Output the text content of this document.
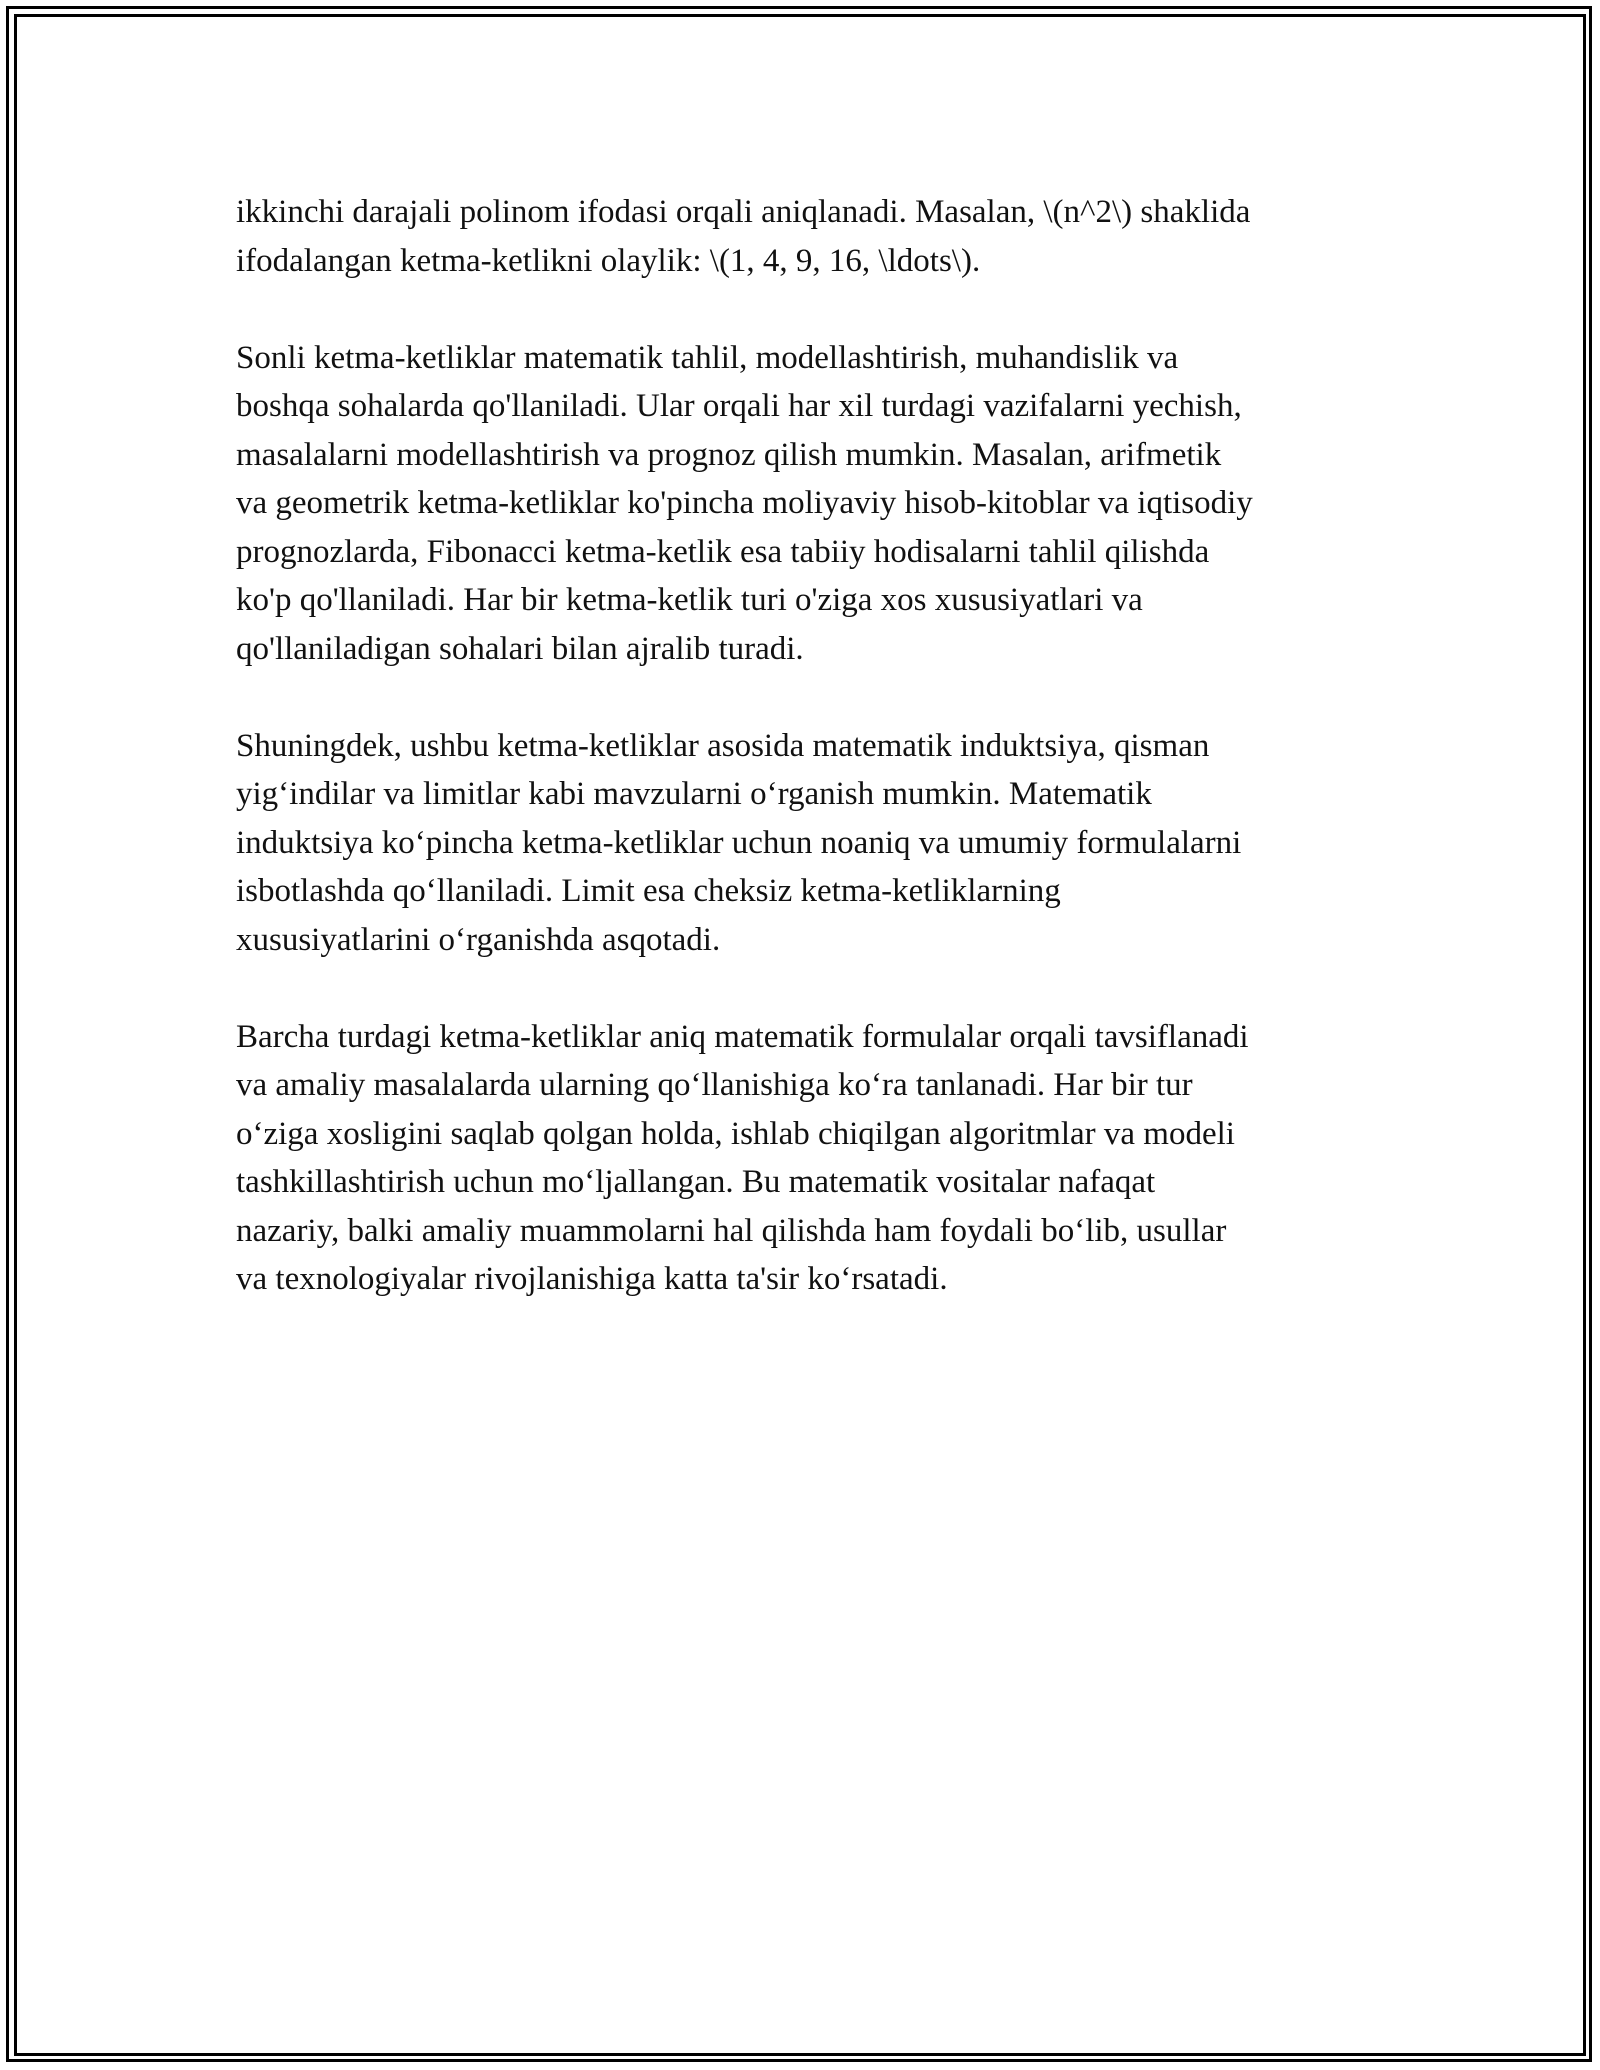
ikkinchi darajali polinom ifodasi orqali aniqlanadi. Masalan, \(n^2\) shaklida
ifodalangan ketma-ketlikni olaylik: \(1, 4, 9, 16, \ldots\).

Sonli ketma-ketliklar matematik tahlil, modellashtirish, muhandislik va
boshqa sohalarda qo'llaniladi. Ular orqali har xil turdagi vazifalarni yechish,
masalalarni modellashtirish va prognoz qilish mumkin. Masalan, arifmetik
va geometrik ketma-ketliklar ko'pincha moliyaviy hisob-kitoblar va iqtisodiy
prognozlarda, Fibonacci ketma-ketlik esa tabiiy hodisalarni tahlil qilishda
ko'p qo'llaniladi. Har bir ketma-ketlik turi o'ziga xos xususiyatlari va
qo'llaniladigan sohalari bilan ajralib turadi.

Shuningdek, ushbu ketma-ketliklar asosida matematik induktsiya, qisman
yig‘indilar va limitlar kabi mavzularni o‘rganish mumkin. Matematik
induktsiya ko‘pincha ketma-ketliklar uchun noaniq va umumiy formulalarni
isbotlashda qo‘llaniladi. Limit esa cheksiz ketma-ketliklarning
xususiyatlarini o‘rganishda asqotadi.

Barcha turdagi ketma-ketliklar aniq matematik formulalar orqali tavsiflanadi
va amaliy masalalarda ularning qo‘llanishiga ko‘ra tanlanadi. Har bir tur
o‘ziga xosligini saqlab qolgan holda, ishlab chiqilgan algoritmlar va modeli
tashkillashtirish uchun mo‘ljallangan. Bu matematik vositalar nafaqat
nazariy, balki amaliy muammolarni hal qilishda ham foydali bo‘lib, usullar
va texnologiyalar rivojlanishiga katta ta'sir ko‘rsatadi.
